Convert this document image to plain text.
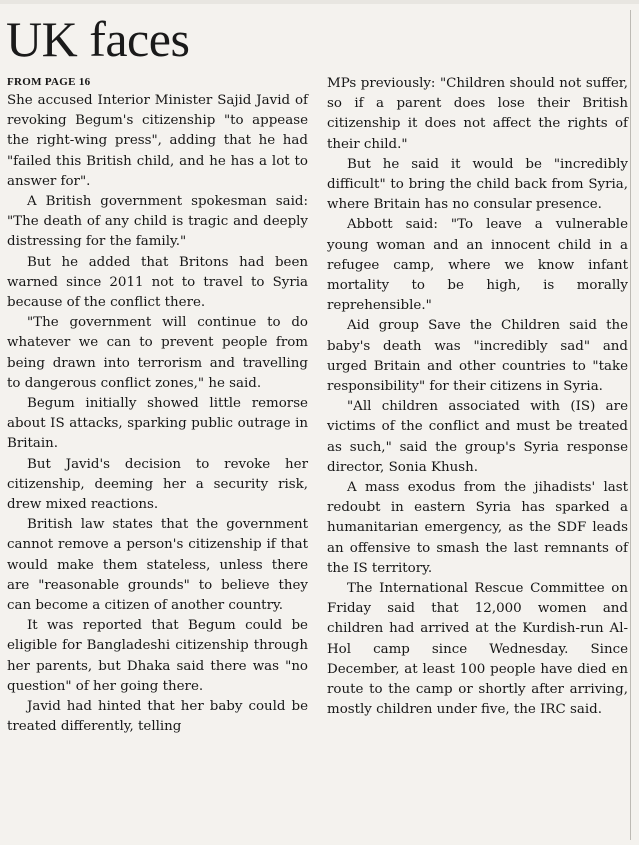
UK faces
FROM PAGE 16

She accused Interior Minister Sajid Javid of revoking Begum's citizenship "to appease the right-wing press", adding that he had "failed this British child, and he has a lot to answer for".

A British government spokesman said: "The death of any child is tragic and deeply distressing for the family."

But he added that Britons had been warned since 2011 not to travel to Syria because of the conflict there.

"The government will continue to do whatever we can to prevent people from being drawn into terrorism and travelling to dangerous conflict zones," he said.

Begum initially showed little remorse about IS attacks, sparking public outrage in Britain.

But Javid's decision to revoke her citizenship, deeming her a security risk, drew mixed reactions.

British law states that the government cannot remove a person's citizenship if that would make them stateless, unless there are "reasonable grounds" to believe they can become a citizen of another country.

It was reported that Begum could be eligible for Bangladeshi citizenship through her parents, but Dhaka said there was "no question" of her going there.

Javid had hinted that her baby could be treated differently, telling

MPs previously: "Children should not suffer, so if a parent does lose their British citizenship it does not affect the rights of their child."

But he said it would be "incredibly difficult" to bring the child back from Syria, where Britain has no consular presence.

Abbott said: "To leave a vulnerable young woman and an innocent child in a refugee camp, where we know infant mortality to be high, is morally reprehensible."

Aid group Save the Children said the baby's death was "incredibly sad" and urged Britain and other countries to "take responsibility" for their citizens in Syria.

"All children associated with (IS) are victims of the conflict and must be treated as such," said the group's Syria response director, Sonia Khush.

A mass exodus from the jihadists' last redoubt in eastern Syria has sparked a humanitarian emergency, as the SDF leads an offensive to smash the last remnants of the IS territory.

The International Rescue Committee on Friday said that 12,000 women and children had arrived at the Kurdish-run Al-Hol camp since Wednesday. Since December, at least 100 people have died en route to the camp or shortly after arriving, mostly children under five, the IRC said.
